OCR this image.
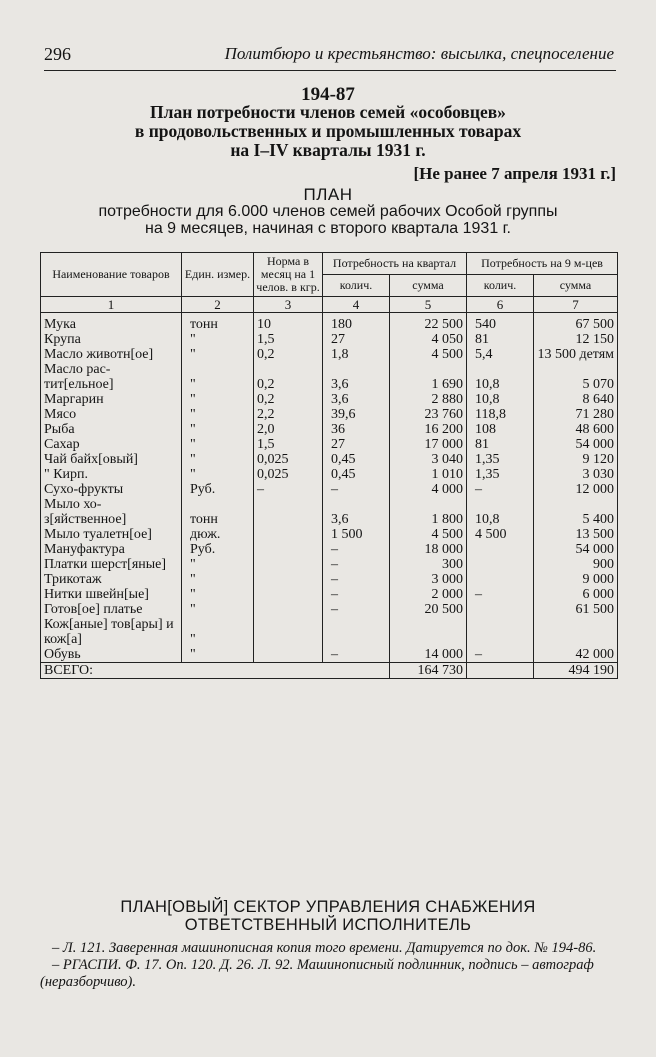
296	Политбюро и крестьянство: высылка, спецпоселение
194-87
План потребности членов семей «особовцев»
в продовольственных и промышленных товарах
на I–IV кварталы 1931 г.
[Не ранее 7 апреля 1931 г.]
ПЛАН
потребности для 6.000 членов семей рабочих Особой группы
на 9 месяцев, начиная с второго квартала 1931 г.
Наименование товаров	Един. измер.	Норма в месяц на 1 челов. в кгр.	Потребность на квартал		Потребность на 9 м-цев	
			колич.	сумма	колич.	сумма
1	2	3	4	5	6	7
Мука	тонн	10	180	22 500	540	67 500
Крупа	"	1,5	27	4 050	81	12 150
Масло животн[ое]	"	0,2	1,8	4 500	5,4	13 500 детям
Масло рас-тит[ельное]	"	0,2	3,6	1 690	10,8	5 070
Маргарин	"	0,2	3,6	2 880	10,8	8 640
Мясо	"	2,2	39,6	23 760	118,8	71 280
Рыба	"	2,0	36	16 200	108	48 600
Сахар	"	1,5	27	17 000	81	54 000
Чай байх[овый]	"	0,025	0,45	3 040	1,35	9 120
" Кирп.	"	0,025	0,45	1 010	1,35	3 030
Сухо-фрукты	Руб.	–	–	4 000	–	12 000
Мыло хо-з[яйственное]	тонн		3,6	1 800	10,8	5 400
Мыло туалетн[ое]	дюж.		1 500	4 500	4 500	13 500
Мануфактура	Руб.		–	18 000		54 000
Платки шерст[яные]	"		–	300		900
Трикотаж	"		–	3 000		9 000
Нитки швейн[ые]	"		–	2 000	–	6 000
Готов[ое] платье	"		–	20 500		61 500
Кож[аные] тов[ары] и кож[а]	"					
Обувь	"		–	14 000	–	42 000
ВСЕГО:				164 730		494 190
ПЛАН[ОВЫЙ] СЕКТОР УПРАВЛЕНИЯ СНАБЖЕНИЯ
ОТВЕТСТВЕННЫЙ ИСПОЛНИТЕЛЬ

– Л. 121. Заверенная машинописная копия того времени. Датируется по док. № 194-86.

– РГАСПИ. Ф. 17. Оп. 120. Д. 26. Л. 92. Машинописный подлинник, подпись – автограф (неразборчиво).
